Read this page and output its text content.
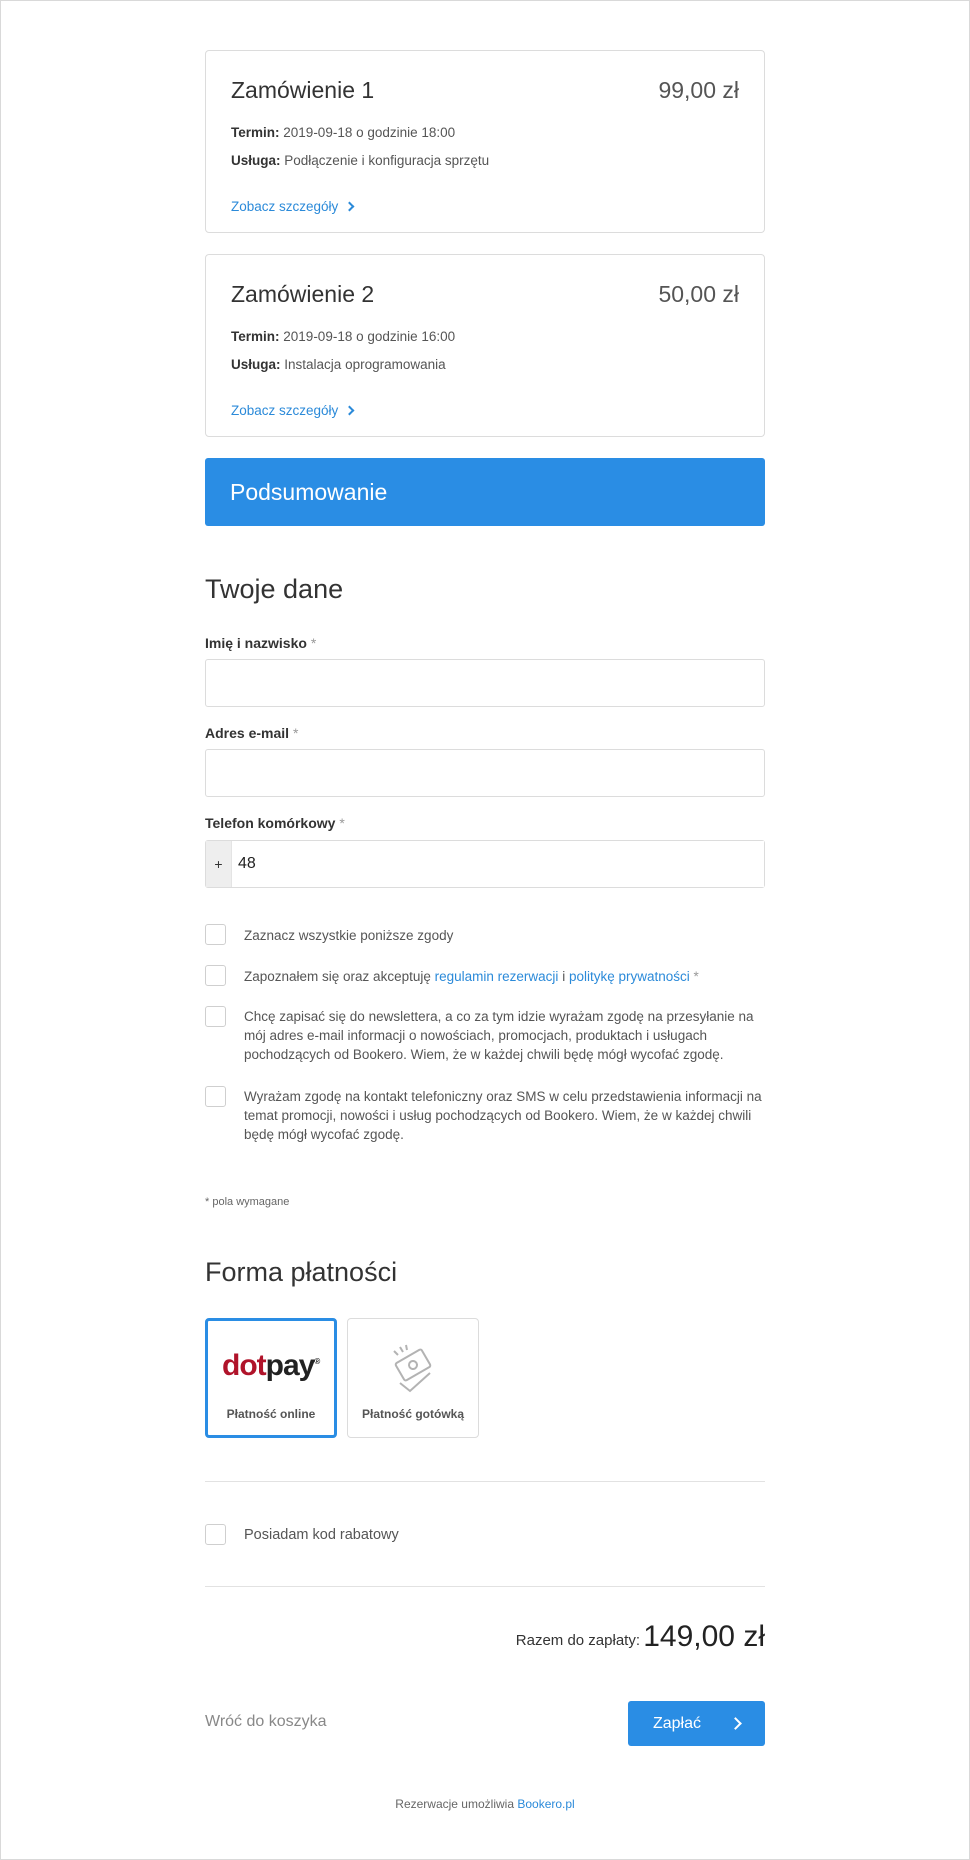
Zamówienie 1	99,00 zł
Termin: 2019-09-18 o godzinie 18:00
Usługa: Podłączenie i konfiguracja sprzętu
Zobacz szczegóły
Zamówienie 2	50,00 zł
Termin: 2019-09-18 o godzinie 16:00
Usługa: Instalacja oprogramowania
Zobacz szczegóły
Podsumowanie
Twoje dane
Imię i nazwisko *
Adres e-mail *
Telefon komórkowy *
+
48
Zaznacz wszystkie poniższe zgody
Zapoznałem się oraz akceptuję regulamin rezerwacji i politykę prywatności *
Chcę zapisać się do newslettera, a co za tym idzie wyrażam zgodę na przesyłanie na mój adres e-mail informacji o nowościach, promocjach, produktach i usługach pochodzących od Bookero. Wiem, że w każdej chwili będę mógł wycofać zgodę.
Wyrażam zgodę na kontakt telefoniczny oraz SMS w celu przedstawienia informacji na temat promocji, nowości i usług pochodzących od Bookero. Wiem, że w każdej chwili będę mógł wycofać zgodę.
* pola wymagane
Forma płatności
dotpay®
Płatność online	Płatność gotówką
Posiadam kod rabatowy
Razem do zapłaty: 149,00 zł
Wróć do koszyka	Zapłać
Rezerwacje umożliwia Bookero.pl
